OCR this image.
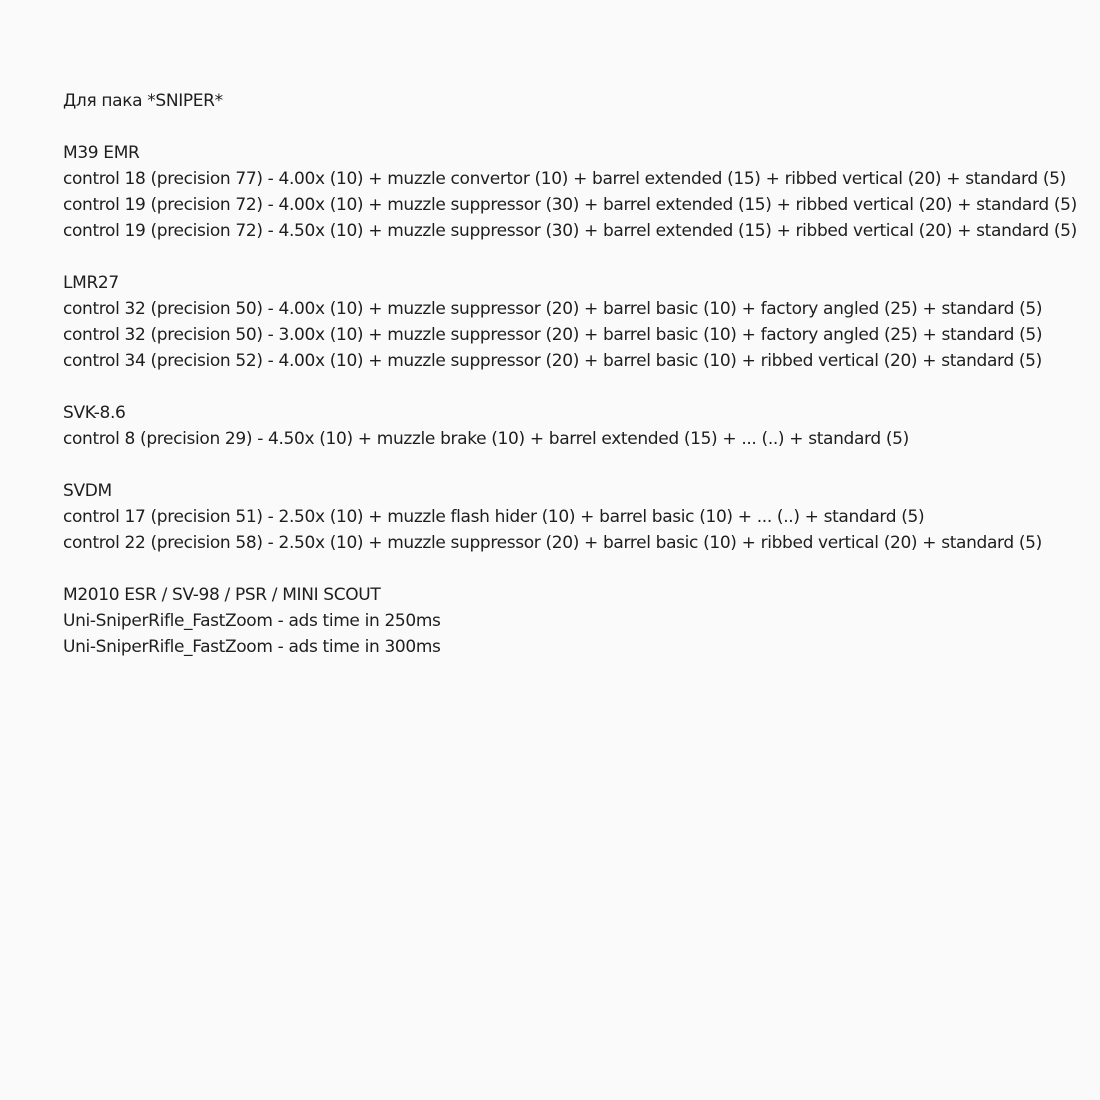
Для пака *SNIPER*
M39 EMR
control 18 (precision 77) - 4.00x (10) + muzzle convertor (10) + barrel extended (15) + ribbed vertical (20) + standard (5)
control 19 (precision 72) - 4.00x (10) + muzzle suppressor (30) + barrel extended (15) + ribbed vertical (20) + standard (5)
control 19 (precision 72) - 4.50x (10) + muzzle suppressor (30) + barrel extended (15) + ribbed vertical (20) + standard (5)
LMR27
control 32 (precision 50) - 4.00x (10) + muzzle suppressor (20) + barrel basic (10) + factory angled (25) + standard (5)
control 32 (precision 50) - 3.00x (10) + muzzle suppressor (20) + barrel basic (10) + factory angled (25) + standard (5)
control 34 (precision 52) - 4.00x (10) + muzzle suppressor (20) + barrel basic (10) + ribbed vertical (20) + standard (5)
SVK-8.6
control 8 (precision 29) - 4.50x (10) + muzzle brake (10) + barrel extended (15) + ... (..) + standard (5)
SVDM
control 17 (precision 51) - 2.50x (10) + muzzle flash hider (10) + barrel basic (10) + ... (..) + standard (5)
control 22 (precision 58) - 2.50x (10) + muzzle suppressor (20) + barrel basic (10) + ribbed vertical (20) + standard (5)
M2010 ESR / SV-98 / PSR / MINI SCOUT
Uni-SniperRifle_FastZoom - ads time in 250ms
Uni-SniperRifle_FastZoom - ads time in 300ms
